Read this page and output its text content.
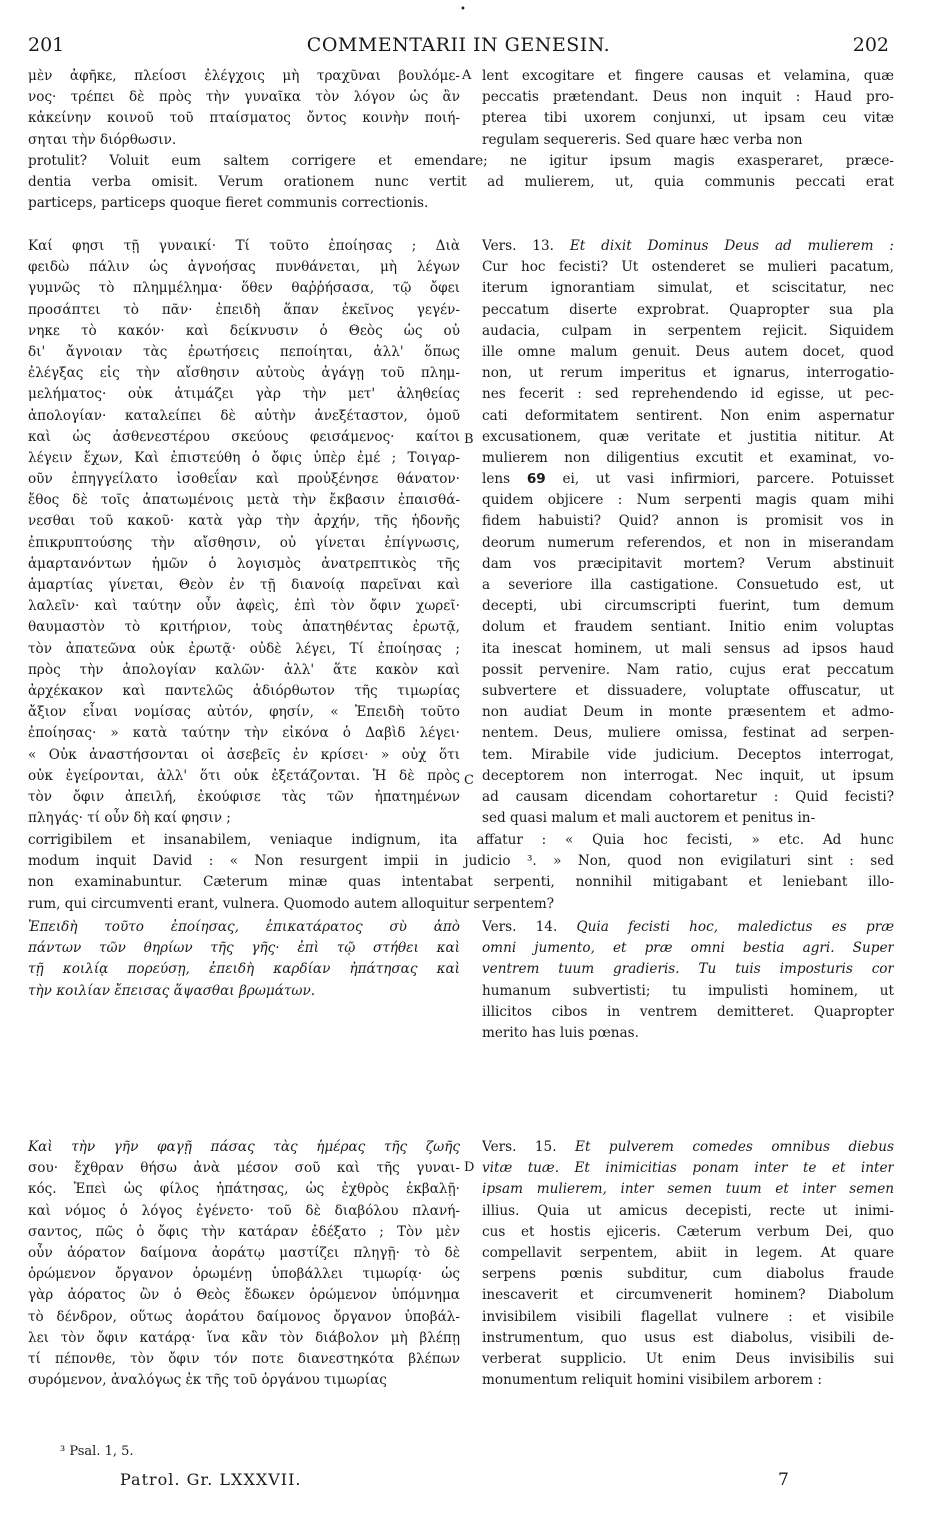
•
201	COMMENTARII IN GENESIN.	202
μὲν ἀφῆκε, πλείοσι ἐλέγχοις μὴ τραχῦναι βουλόμε-
νος· τρέπει δὲ πρὸς τὴν γυναῖκα τὸν λόγον ὡς ἂν
κἀκείνην κοινοῦ τοῦ πταίσματος ὄντος κοινὴν ποιή-
σηται τὴν διόρθωσιν.
lent excogitare et fingere causas et velamina, quæ
peccatis prætendant. Deus non inquit : Haud pro-
pterea tibi uxorem conjunxi, ut ipsam ceu vitæ
regulam sequereris. Sed quare hæc verba non
protulit? Voluit eum saltem corrigere et emendare; ne igitur ipsum magis exasperaret, præce-
dentia verba omisit. Verum orationem nunc vertit ad mulierem, ut, quia communis peccati erat
particeps, particeps quoque fieret communis correctionis.
A
Καί φησι τῇ γυναικί· Τί τοῦτο ἐποίησας ; Διὰ
φειδὼ πάλιν ὡς ἀγνοήσας πυνθάνεται, μὴ λέγων
γυμνῶς τὸ πλημμέλημα· ὅθεν θαῤῥήσασα, τῷ ὄφει
προσάπτει τὸ πᾶν· ἐπειδὴ ἅπαν ἐκεῖνος γεγέν-
νηκε τὸ κακόν· καὶ δείκνυσιν ὁ Θεὸς ὡς οὐ
δι' ἄγνοιαν τὰς ἐρωτήσεις πεποίηται, ἀλλ' ὅπως
ἐλέγξας εἰς τὴν αἴσθησιν αὐτοὺς ἀγάγῃ τοῦ πλημ-
μελήματος· οὐκ ἀτιμάζει γὰρ τὴν μετ' ἀληθείας
ἀπολογίαν· καταλείπει δὲ αὐτὴν ἀνεξέταστον, ὁμοῦ
καὶ ὡς ἀσθενεστέρου σκεύους φεισάμενος· καίτοι
λέγειν ἔχων, Καὶ ἐπιστεύθη ὁ ὄφις ὑπὲρ ἐμέ ; Τοιγαρ-
οῦν ἐπηγγείλατο ἰσοθεΐαν καὶ προὐξένησε θάνατον·
ἔθος δὲ τοῖς ἀπατωμένοις μετὰ τὴν ἔκβασιν ἐπαισθά-
νεσθαι τοῦ κακοῦ· κατὰ γὰρ τὴν ἀρχήν, τῆς ἡδονῆς
ἐπικρυπτούσης τὴν αἴσθησιν, οὐ γίνεται ἐπίγνωσις,
ἁμαρτανόντων ἡμῶν ὁ λογισμὸς ἀνατρεπτικὸς τῆς
ἁμαρτίας γίνεται, Θεὸν ἐν τῇ διανοίᾳ παρεῖναι καὶ
λαλεῖν· καὶ ταύτην οὖν ἀφεὶς, ἐπὶ τὸν ὄφιν χωρεῖ·
θαυμαστὸν τὸ κριτήριον, τοὺς ἀπατηθέντας ἐρωτᾷ,
τὸν ἀπατεῶνα οὐκ ἐρωτᾷ· οὐδὲ λέγει, Τί ἐποίησας ;
πρὸς τὴν ἀπολογίαν καλῶν· ἀλλ' ἅτε κακὸν καὶ
ἀρχέκακον καὶ παντελῶς ἀδιόρθωτον τῆς τιμωρίας
ἄξιον εἶναι νομίσας αὐτόν, φησίν, « Ἐπειδὴ τοῦτο
ἐποίησας· » κατὰ ταύτην τὴν εἰκόνα ὁ Δαβὶδ λέγει·
« Οὐκ ἀναστήσονται οἱ ἀσεβεῖς ἐν κρίσει· » οὐχ ὅτι
οὐκ ἐγείρονται, ἀλλ' ὅτι οὐκ ἐξετάζονται. Ἡ δὲ πρὸς
τὸν ὄφιν ἀπειλή, ἐκούφισε τὰς τῶν ἠπατημένων
πληγάς· τί οὖν δὴ καί φησιν ;
Vers. 13. Et dixit Dominus Deus ad mulierem :
Cur hoc fecisti? Ut ostenderet se mulieri pacatum,
iterum ignorantiam simulat, et sciscitatur, nec
peccatum diserte exprobrat. Quapropter sua pla
audacia, culpam in serpentem rejicit. Siquidem
ille omne malum genuit. Deus autem docet, quod
non, ut rerum imperitus et ignarus, interrogatio-
nes fecerit : sed reprehendendo id egisse, ut pec-
cati deformitatem sentirent. Non enim aspernatur
excusationem, quæ veritate et justitia nititur. At
mulierem non diligentius excutit et examinat, vo-
lens 69 ei, ut vasi infirmiori, parcere. Potuisset
quidem objicere : Num serpenti magis quam mihi
fidem habuisti? Quid? annon is promisit vos in
deorum numerum referendos, et non in miserandam
dam vos præcipitavit mortem? Verum abstinuit
a severiore illa castigatione. Consuetudo est, ut
decepti, ubi circumscripti fuerint, tum demum
dolum et fraudem sentiant. Initio enim voluptas
ita inescat hominem, ut mali sensus ad ipsos haud
possit pervenire. Nam ratio, cujus erat peccatum
subvertere et dissuadere, voluptate offuscatur, ut
non audiat Deum in monte præsentem et admo-
nentem. Deus, muliere omissa, festinat ad serpen-
tem. Mirabile vide judicium. Deceptos interrogat,
deceptorem non interrogat. Nec inquit, ut ipsum
ad causam dicendam cohortaretur : Quid fecisti?
sed quasi malum et mali auctorem et penitus in-
B
C
corrigibilem et insanabilem, veniaque indignum, ita affatur : « Quia hoc fecisti, » etc. Ad hunc
modum inquit David : « Non resurgent impii in judicio ³. » Non, quod non evigilaturi sint : sed
non examinabuntur. Cæterum minæ quas intentabat serpenti, nonnihil mitigabant et leniebant illo-
rum, qui circumventi erant, vulnera. Quomodo autem alloquitur serpentem?
Ἐπειδὴ τοῦτο ἐποίησας, ἐπικατάρατος σὺ ἀπὸ
πάντων τῶν θηρίων τῆς γῆς· ἐπὶ τῷ στήθει καὶ
τῇ κοιλίᾳ πορεύσῃ, ἐπειδὴ καρδίαν ἠπάτησας καὶ
τὴν κοιλίαν ἔπεισας ἅψασθαι βρωμάτων.
Vers. 14. Quia fecisti hoc, maledictus es præ
omni jumento, et præ omni bestia agri. Super
ventrem tuum gradieris. Tu tuis imposturis cor
humanum subvertisti; tu impulisti hominem, ut
illicitos cibos in ventrem demitteret. Quapropter
merito has luis pœnas.
Καὶ τὴν γῆν φαγῇ πάσας τὰς ἡμέρας τῆς ζωῆς
σου· ἔχθραν θήσω ἀνὰ μέσον σοῦ καὶ τῆς γυναι-
κός. Ἐπεὶ ὡς φίλος ἠπάτησας, ὡς ἐχθρὸς ἐκβαλῇ·
καὶ νόμος ὁ λόγος ἐγένετο· τοῦ δὲ διαβόλου πλανή-
σαντος, πῶς ὁ ὄφις τὴν κατάραν ἐδέξατο ; Τὸν μὲν
οὖν ἀόρατον δαίμονα ἀοράτῳ μαστίζει πληγῇ· τὸ δὲ
ὁρώμενον ὄργανον ὁρωμένῃ ὑποβάλλει τιμωρίᾳ· ὡς
γὰρ ἀόρατος ὢν ὁ Θεὸς ἔδωκεν ὁρώμενον ὑπόμνημα
τὸ δένδρον, οὕτως ἀοράτου δαίμονος ὄργανον ὑποβάλ-
λει τὸν ὄφιν κατάρᾳ· ἵνα κἂν τὸν διάβολον μὴ βλέπῃ
τί πέπονθε, τὸν ὄφιν τόν ποτε διανεστηκότα βλέπων
συρόμενον, ἀναλόγως ἐκ τῆς τοῦ ὀργάνου τιμωρίας
Vers. 15. Et pulverem comedes omnibus diebus
vitæ tuæ. Et inimicitias ponam inter te et inter
ipsam mulierem, inter semen tuum et inter semen
illius. Quia ut amicus decepisti, recte ut inimi-
cus et hostis ejiceris. Cæterum verbum Dei, quo
compellavit serpentem, abiit in legem. At quare
serpens pœnis subditur, cum diabolus fraude
inescaverit et circumvenerit hominem? Diabolum
invisibilem visibili flagellat vulnere : et visibile
instrumentum, quo usus est diabolus, visibili de-
verberat supplicio. Ut enim Deus invisibilis sui
monumentum reliquit homini visibilem arborem :
D
³ Psal. 1, 5.
Patrol. Gr. LXXXVII.	7
